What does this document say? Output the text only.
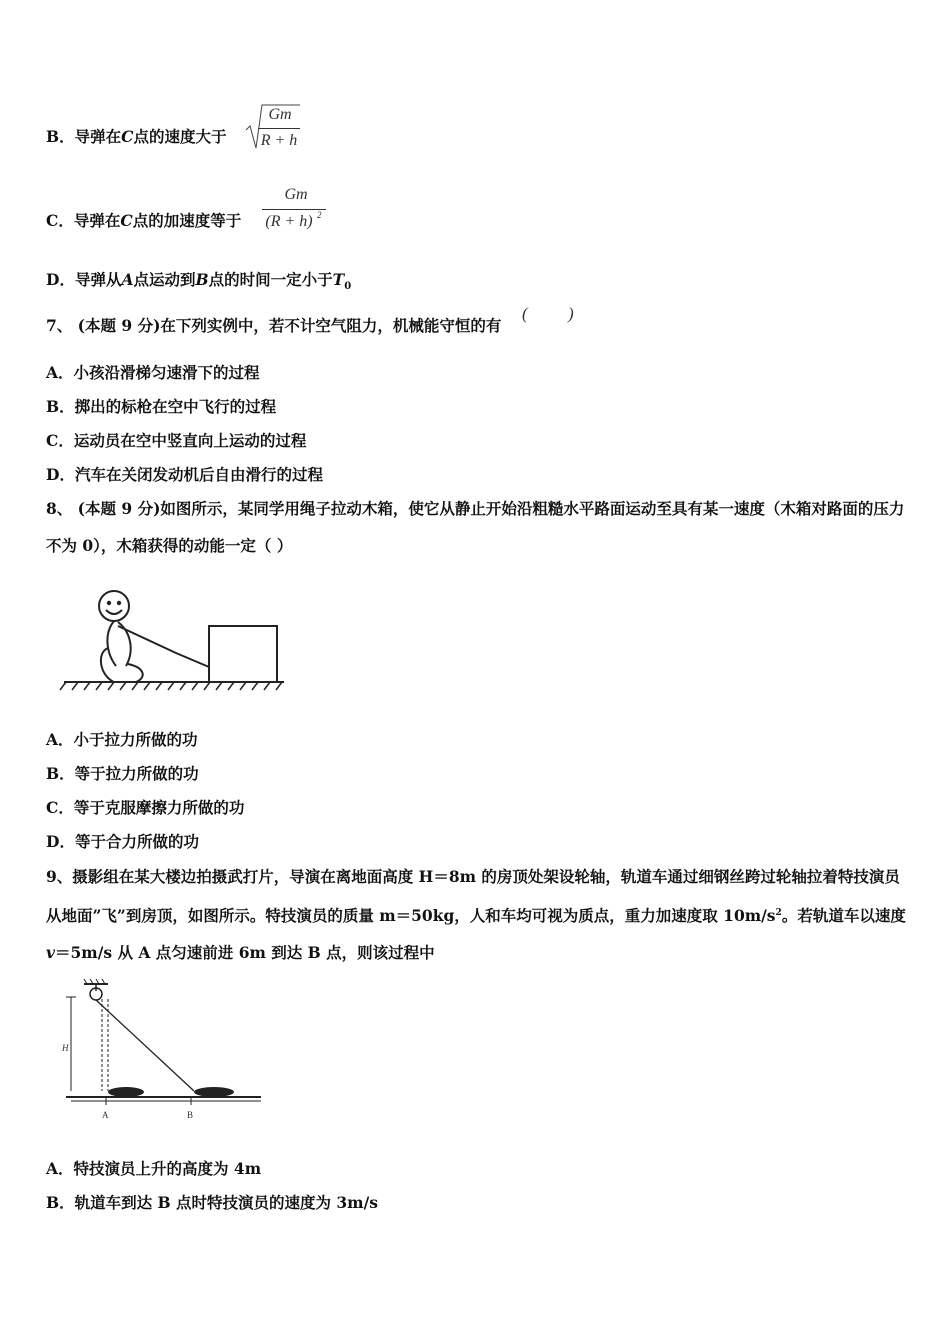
B．导弹在C点的速度大于
Gm
R + h
C．导弹在C点的加速度等于
Gm
(R + h) 2
D．导弹从A点运动到B点的时间一定小于$T_0$
7、 (本题 9 分)在下列实例中，若不计空气阻力，机械能守恒的有
( )
A．小孩沿滑梯匀速滑下的过程
B．掷出的标枪在空中飞行的过程
C．运动员在空中竖直向上运动的过程
D．汽车在关闭发动机后自由滑行的过程
8、 (本题 9 分)如图所示，某同学用绳子拉动木箱，使它从静止开始沿粗糙水平路面运动至具有某一速度（木箱对路面的压力不为 0），木箱获得的动能一定（ ）
A．小于拉力所做的功
B．等于拉力所做的功
C．等于克服摩擦力所做的功
D．等于合力所做的功
9、摄影组在某大楼边拍摄武打片，导演在离地面高度 H＝8m 的房顶处架设轮轴，轨道车通过细钢丝跨过轮轴拉着特技演员从地面”飞”到房顶，如图所示。特技演员的质量 m＝50kg，人和车均可视为质点，重力加速度取 $10m/s^2$。若轨道车以速度 v＝5m/s 从 A 点匀速前进 6m 到达 B 点，则该过程中
H
A	B
A．特技演员上升的高度为 4m
B．轨道车到达 B 点时特技演员的速度为 3m/s
